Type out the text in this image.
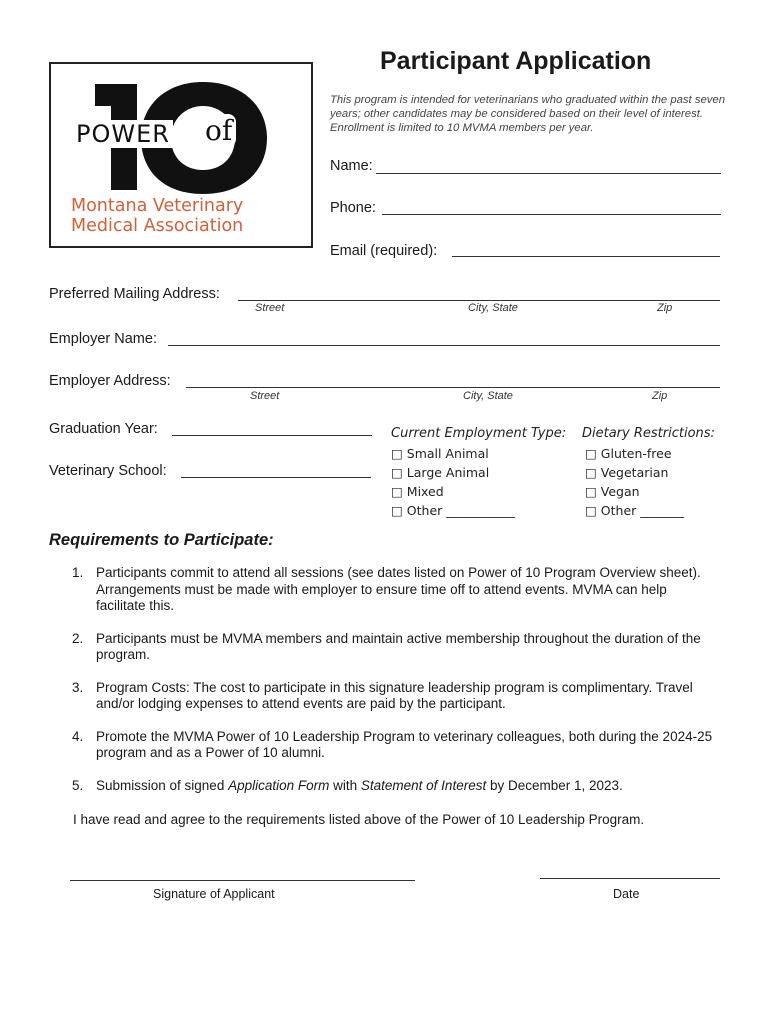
POWER of
Montana Veterinary
Medical Association
Participant Application
This program is intended for veterinarians who graduated within the past seven years; other candidates may be considered based on their level of interest. Enrollment is limited to 10 MVMA members per year.
Name:
Phone:
Email (required):
Preferred Mailing Address:
Street	City, State	Zip
Employer Name:
Employer Address:
Street	City, State	Zip
Graduation Year:
Veterinary School:
Current Employment Type:
□ Small Animal
□ Large Animal
□ Mixed
□ Other ___________
Dietary Restrictions:
□ Gluten-free
□ Vegetarian
□ Vegan
□ Other _______
Requirements to Participate:
1. Participants commit to attend all sessions (see dates listed on Power of 10 Program Overview sheet). Arrangements must be made with employer to ensure time off to attend events. MVMA can help facilitate this.
2. Participants must be MVMA members and maintain active membership throughout the duration of the program.
3. Program Costs: The cost to participate in this signature leadership program is complimentary. Travel and/or lodging expenses to attend events are paid by the participant.
4. Promote the MVMA Power of 10 Leadership Program to veterinary colleagues, both during the 2024-25 program and as a Power of 10 alumni.
5. Submission of signed Application Form with Statement of Interest by December 1, 2023.
I have read and agree to the requirements listed above of the Power of 10 Leadership Program.
Signature of Applicant	Date
